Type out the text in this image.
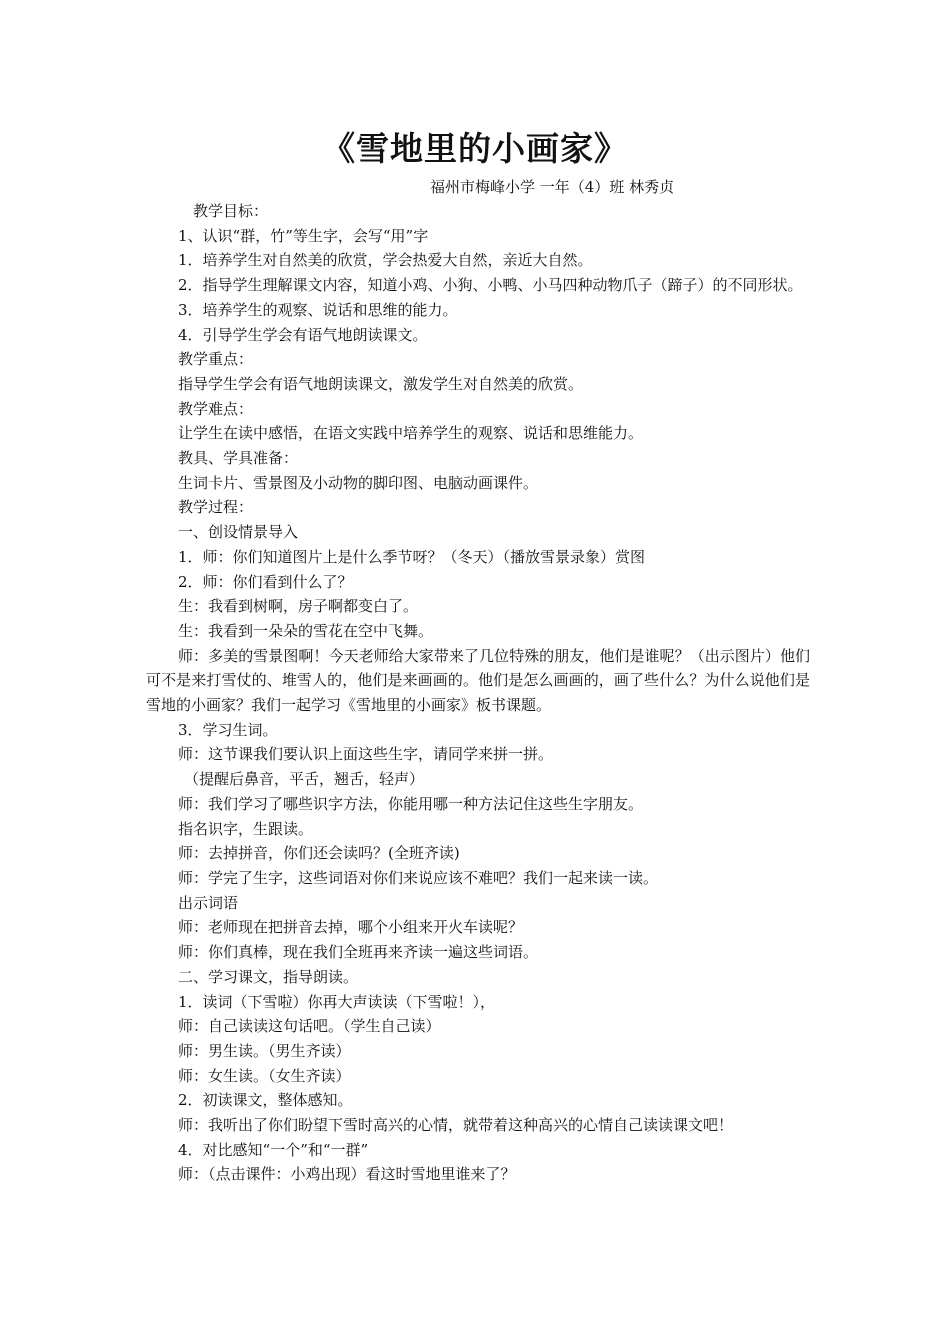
《雪地里的小画家》
福州市梅峰小学 一年（4）班 林秀贞

教学目标：

1、认识“群，竹”等生字，会写“用”字

1．培养学生对自然美的欣赏，学会热爱大自然，亲近大自然。

2．指导学生理解课文内容，知道小鸡、小狗、小鸭、小马四种动物爪子（蹄子）的不同形状。

3．培养学生的观察、说话和思维的能力。

4．引导学生学会有语气地朗读课文。

教学重点：

指导学生学会有语气地朗读课文，激发学生对自然美的欣赏。

教学难点：

让学生在读中感悟，在语文实践中培养学生的观察、说话和思维能力。

教具、学具准备：

生词卡片、雪景图及小动物的脚印图、电脑动画课件。

教学过程：

一、创设情景导入

1．师：你们知道图片上是什么季节呀？（冬天）（播放雪景录象）赏图

2．师：你们看到什么了？

生：我看到树啊，房子啊都变白了。

生：我看到一朵朵的雪花在空中飞舞。

师：多美的雪景图啊！今天老师给大家带来了几位特殊的朋友，他们是谁呢？（出示图片）他们可不是来打雪仗的、堆雪人的，他们是来画画的。他们是怎么画画的，画了些什么？为什么说他们是雪地的小画家？我们一起学习《雪地里的小画家》板书课题。

3．学习生词。

师：这节课我们要认识上面这些生字，请同学来拼一拼。

（提醒后鼻音，平舌，翘舌，轻声）

师：我们学习了哪些识字方法，你能用哪一种方法记住这些生字朋友。

指名识字，生跟读。

师：去掉拼音，你们还会读吗？(全班齐读)

师：学完了生字，这些词语对你们来说应该不难吧？我们一起来读一读。

出示词语

师：老师现在把拼音去掉，哪个小组来开火车读呢？

师：你们真棒，现在我们全班再来齐读一遍这些词语。

二、学习课文，指导朗读。

1．读词（下雪啦）你再大声读读（下雪啦！），

师：自己读读这句话吧。（学生自己读）

师：男生读。（男生齐读）

师：女生读。（女生齐读）

2．初读课文，整体感知。

师：我听出了你们盼望下雪时高兴的心情，就带着这种高兴的心情自己读读课文吧！

4．对比感知“一个”和“一群”

师：（点击课件：小鸡出现）看这时雪地里谁来了？
